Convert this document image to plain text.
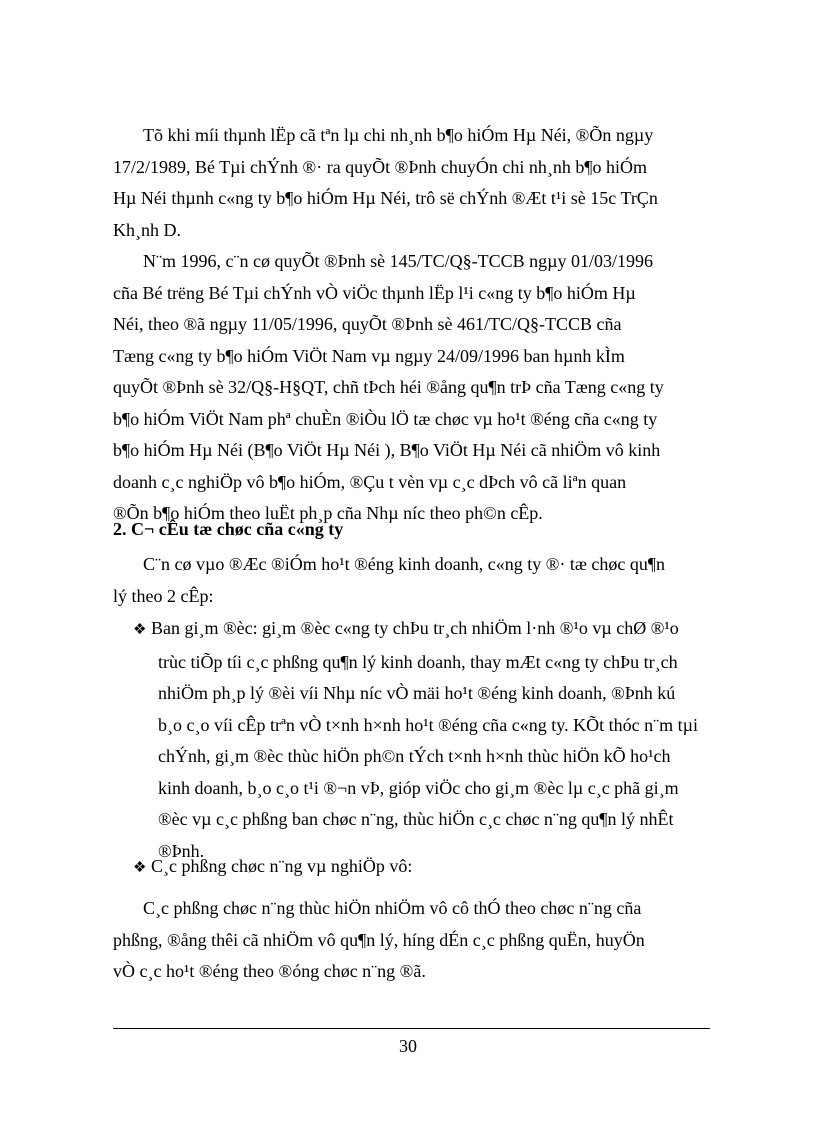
Tõ khi míi thµnh lËp cã tªn lµ chi nh¸nh b¶o hiÓm Hµ Néi, ®Õn ngµy
17/2/1989, Bé Tµi chÝnh ®· ra quyÕt ®Þnh chuyÓn chi nh¸nh b¶o hiÓm
Hµ Néi thµnh c«ng ty b¶o hiÓm Hµ Néi, trô së chÝnh ®Æt t¹i sè 15c TrÇn
Kh¸nh D.
N¨m 1996, c¨n cø quyÕt ®Þnh sè 145/TC/Q§-TCCB ngµy 01/03/1996
cña Bé trëng Bé Tµi chÝnh vÒ viÖc thµnh lËp l¹i c«ng ty b¶o hiÓm Hµ
Néi, theo ®ã ngµy 11/05/1996, quyÕt ®Þnh sè 461/TC/Q§-TCCB cña
Tæng c«ng ty b¶o hiÓm ViÖt Nam vµ ngµy 24/09/1996 ban hµnh kÌm
quyÕt ®Þnh sè 32/Q§-H§QT, chñ tÞch héi ®ång qu¶n trÞ cña Tæng c«ng ty
b¶o hiÓm ViÖt Nam phª chuÈn ®iÒu lÖ tæ chøc vµ ho¹t ®éng cña c«ng ty
b¶o hiÓm Hµ Néi (B¶o ViÖt Hµ Néi ), B¶o ViÖt Hµ Néi cã nhiÖm vô kinh
doanh c¸c nghiÖp vô b¶o hiÓm, ®Çu t vèn vµ c¸c dÞch vô cã liªn quan
®Õn b¶o hiÓm theo luËt ph¸p cña Nhµ níc theo ph©n cÊp.
2. C¬ cÊu tæ chøc cña c«ng ty
C¨n cø vµo ®Æc ®iÓm ho¹t ®éng kinh doanh, c«ng ty ®· tæ chøc qu¶n
lý theo 2 cÊp:
❖ Ban gi¸m ®èc: gi¸m ®èc c«ng ty chÞu tr¸ch nhiÖm l·nh ®¹o vµ chØ ®¹o
trùc tiÕp tíi c¸c phßng qu¶n lý kinh doanh, thay mÆt c«ng ty chÞu tr¸ch
nhiÖm ph¸p lý ®èi víi Nhµ níc vÒ mäi ho¹t ®éng kinh doanh, ®Þnh kú
b¸o c¸o víi cÊp trªn vÒ t×nh h×nh ho¹t ®éng cña c«ng ty. KÕt thóc n¨m tµi
chÝnh, gi¸m ®èc thùc hiÖn ph©n tÝch t×nh h×nh thùc hiÖn kÕ ho¹ch
kinh doanh, b¸o c¸o t¹i ®¬n vÞ, gióp viÖc cho gi¸m ®èc lµ c¸c phã gi¸m
®èc vµ c¸c phßng ban chøc n¨ng, thùc hiÖn c¸c chøc n¨ng qu¶n lý nhÊt
®Þnh.
❖ C¸c phßng chøc n¨ng vµ nghiÖp vô:
C¸c phßng chøc n¨ng thùc hiÖn nhiÖm vô cô thÓ theo chøc n¨ng cña
phßng, ®ång thêi cã nhiÖm vô qu¶n lý, híng dÉn c¸c phßng quËn, huyÖn
vÒ c¸c ho¹t ®éng theo ®óng chøc n¨ng ®ã.
30
